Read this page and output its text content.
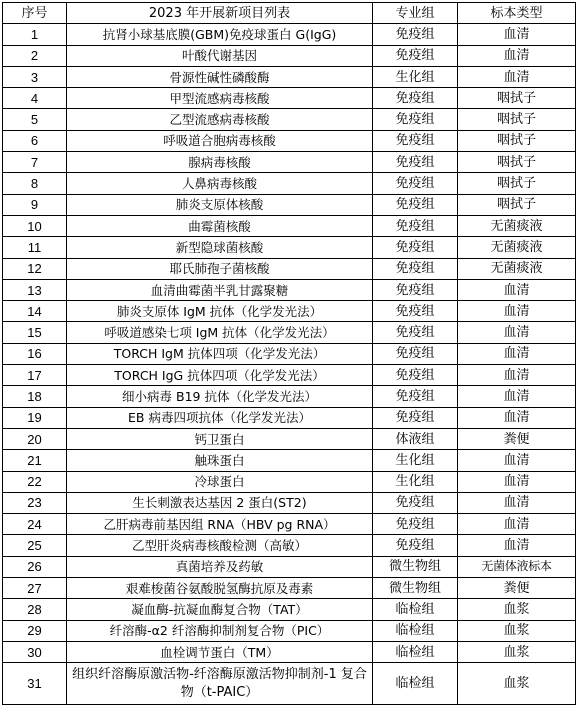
序号	2023 年开展新项目列表	专业组	标本类型
1	抗肾小球基底膜(GBM)免疫球蛋白 G(IgG)	免疫组	血清
2	叶酸代谢基因	免疫组	血清
3	骨源性碱性磷酸酶	生化组	血清
4	甲型流感病毒核酸	免疫组	咽拭子
5	乙型流感病毒核酸	免疫组	咽拭子
6	呼吸道合胞病毒核酸	免疫组	咽拭子
7	腺病毒核酸	免疫组	咽拭子
8	人鼻病毒核酸	免疫组	咽拭子
9	肺炎支原体核酸	免疫组	咽拭子
10	曲霉菌核酸	免疫组	无菌痰液
11	新型隐球菌核酸	免疫组	无菌痰液
12	耶氏肺孢子菌核酸	免疫组	无菌痰液
13	血清曲霉菌半乳甘露聚糖	免疫组	血清
14	肺炎支原体 IgM 抗体（化学发光法）	免疫组	血清
15	呼吸道感染七项 IgM 抗体（化学发光法）	免疫组	血清
16	TORCH IgM 抗体四项（化学发光法）	免疫组	血清
17	TORCH IgG 抗体四项（化学发光法）	免疫组	血清
18	细小病毒 B19 抗体（化学发光法）	免疫组	血清
19	EB 病毒四项抗体（化学发光法）	免疫组	血清
20	钙卫蛋白	体液组	粪便
21	触珠蛋白	生化组	血清
22	冷球蛋白	生化组	血清
23	生长刺激表达基因 2 蛋白(ST2)	免疫组	血清
24	乙肝病毒前基因组 RNA（HBV pg RNA）	免疫组	血清
25	乙型肝炎病毒核酸检测（高敏）	免疫组	血清
26	真菌培养及药敏	微生物组	无菌体液标本
27	艰难梭菌谷氨酸脱氢酶抗原及毒素	微生物组	粪便
28	凝血酶-抗凝血酶复合物（TAT）	临检组	血浆
29	纤溶酶-α2 纤溶酶抑制剂复合物（PIC）	临检组	血浆
30	血栓调节蛋白（TM）	临检组	血浆
31	组织纤溶酶原激活物-纤溶酶原激活物抑制剂-1 复合物（t-PAIC）	临检组	血浆
